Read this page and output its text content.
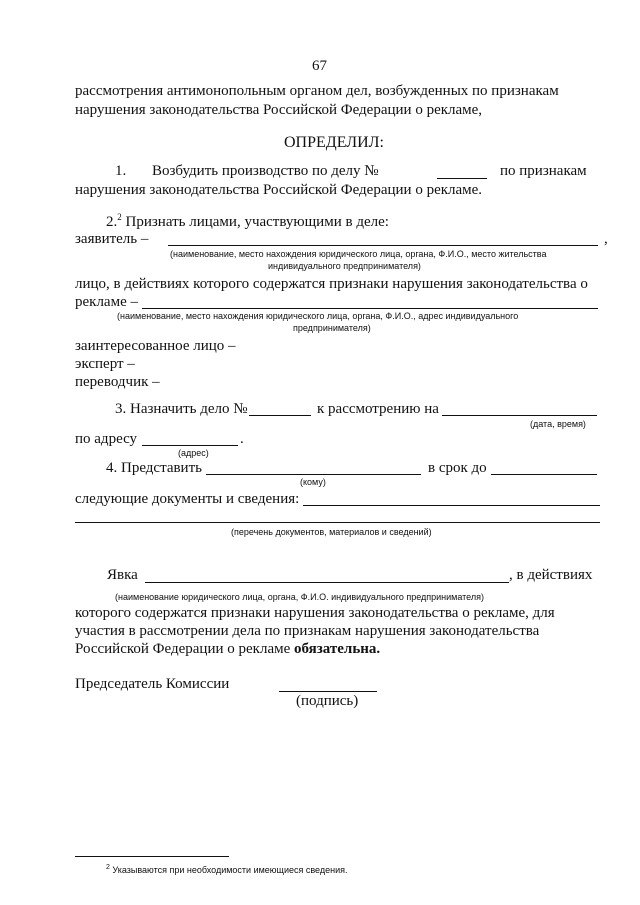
67
рассмотрения антимонопольным органом дел, возбужденных по признакам
нарушения законодательства Российской Федерации о рекламе,
ОПРЕДЕЛИЛ:
1. Возбудить производство по делу №	по признакам
нарушения законодательства Российской Федерации о рекламе.
2.$^2$ Признать лицами, участвующими в деле:
заявитель –	,
(наименование, место нахождения юридического лица, органа, Ф.И.О., место жительства
индивидуального предпринимателя)
лицо, в действиях которого содержатся признаки нарушения законодательства о
рекламе –
(наименование, место нахождения юридического лица, органа, Ф.И.О., адрес индивидуального
предпринимателя)
заинтересованное лицо –
эксперт –
переводчик –
3. Назначить дело №	к рассмотрению на
(дата, время)
по адресу	.
(адрес)
4. Представить	в срок до
(кому)
следующие документы и сведения:
(перечень документов, материалов и сведений)
Явка	, в действиях
(наименование юридического лица, органа, Ф.И.О. индивидуального предпринимателя)
которого содержатся признаки нарушения законодательства о рекламе, для
участия в рассмотрении дела по признакам нарушения законодательства
Российской Федерации о рекламе обязательна.
Председатель Комиссии
(подпись)
$^2$ Указываются при необходимости имеющиеся сведения.
